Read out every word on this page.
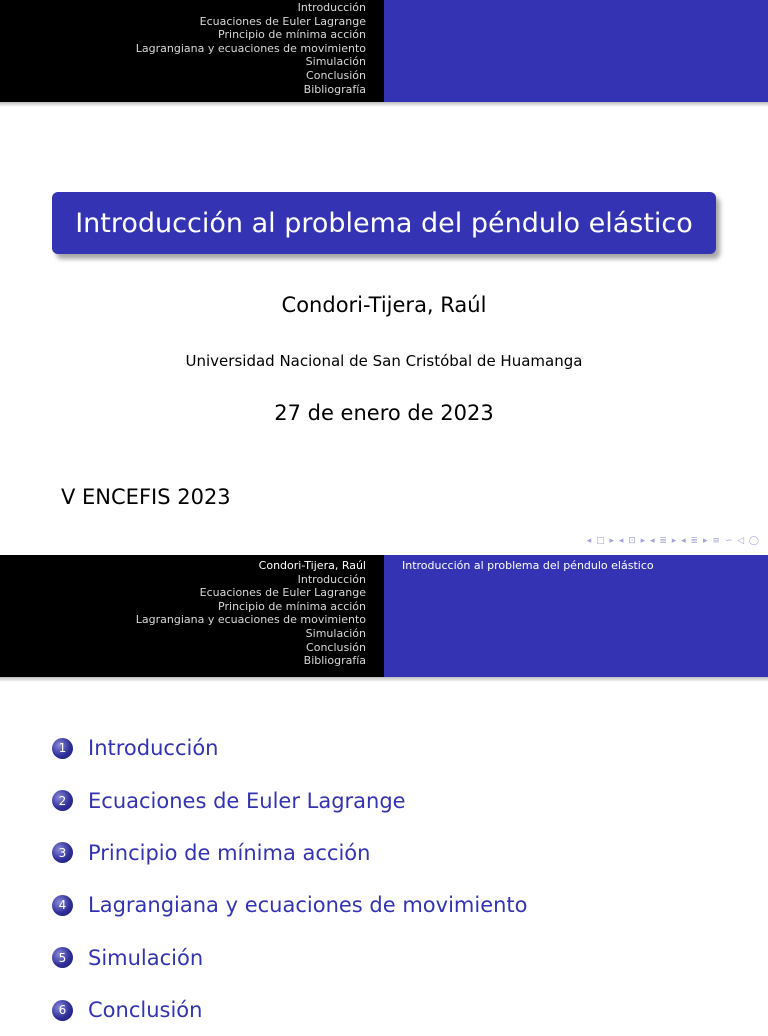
Introducción
Ecuaciones de Euler Lagrange
Principio de mínima acción
Lagrangiana y ecuaciones de movimiento
Simulación
Conclusión
Bibliografía
Introducción al problema del péndulo elástico
Condori-Tijera, Raúl
Universidad Nacional de San Cristóbal de Huamanga
27 de enero de 2023
V ENCEFIS 2023
◂ □ ▸ ◂ ⊡ ▸ ◂ ≣ ▸ ◂ ≣ ▸ ≡ ∽ ◁ ◯
Condori-Tijera, Raúl
Introducción
Ecuaciones de Euler Lagrange
Principio de mínima acción
Lagrangiana y ecuaciones de movimiento
Simulación
Conclusión
Bibliografía
Introducción al problema del péndulo elástico
1	Introducción
2	Ecuaciones de Euler Lagrange
3	Principio de mínima acción
4	Lagrangiana y ecuaciones de movimiento
5	Simulación
6	Conclusión
